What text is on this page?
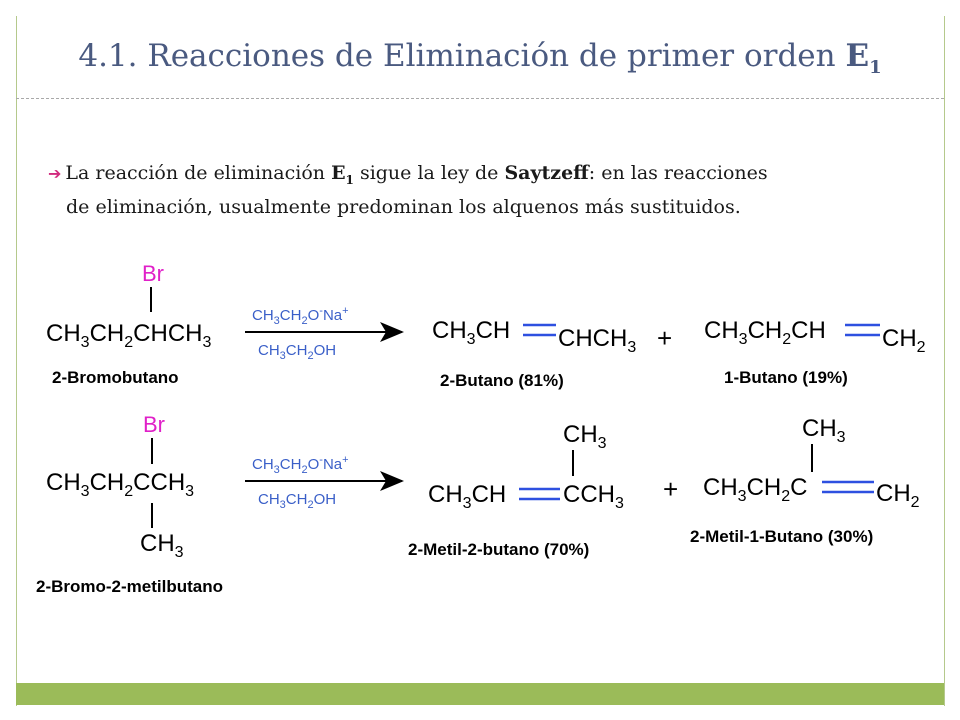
4.1. Reacciones de Eliminación de primer orden $E_1$
➔ La reacción de eliminación $E_1$ sigue la ley de Saytzeff: en las reacciones
de eliminación, usualmente predominan los alquenos más sustituidos.
Br
$CH_3CH_2CHCH_3$
2-Bromobutano
$CH_3CH_2O^-Na^+$
$CH_3CH_2OH$
$CH_3CH$ $CHCH_3$
2-Butano (81%)
+ $CH_3CH_2CH$ $CH_2$
1-Butano (19%)
Br
$CH_3CH_2CCH_3$
$CH_3$
2-Bromo-2-metilbutano
$CH_3CH_2O^-Na^+$
$CH_3CH_2OH$
$CH_3$
$CH_3CH$ $CCH_3$
2-Metil-2-butano (70%)
+
$CH_3$
$CH_3CH_2C$	$CH_2$
2-Metil-1-Butano (30%)
